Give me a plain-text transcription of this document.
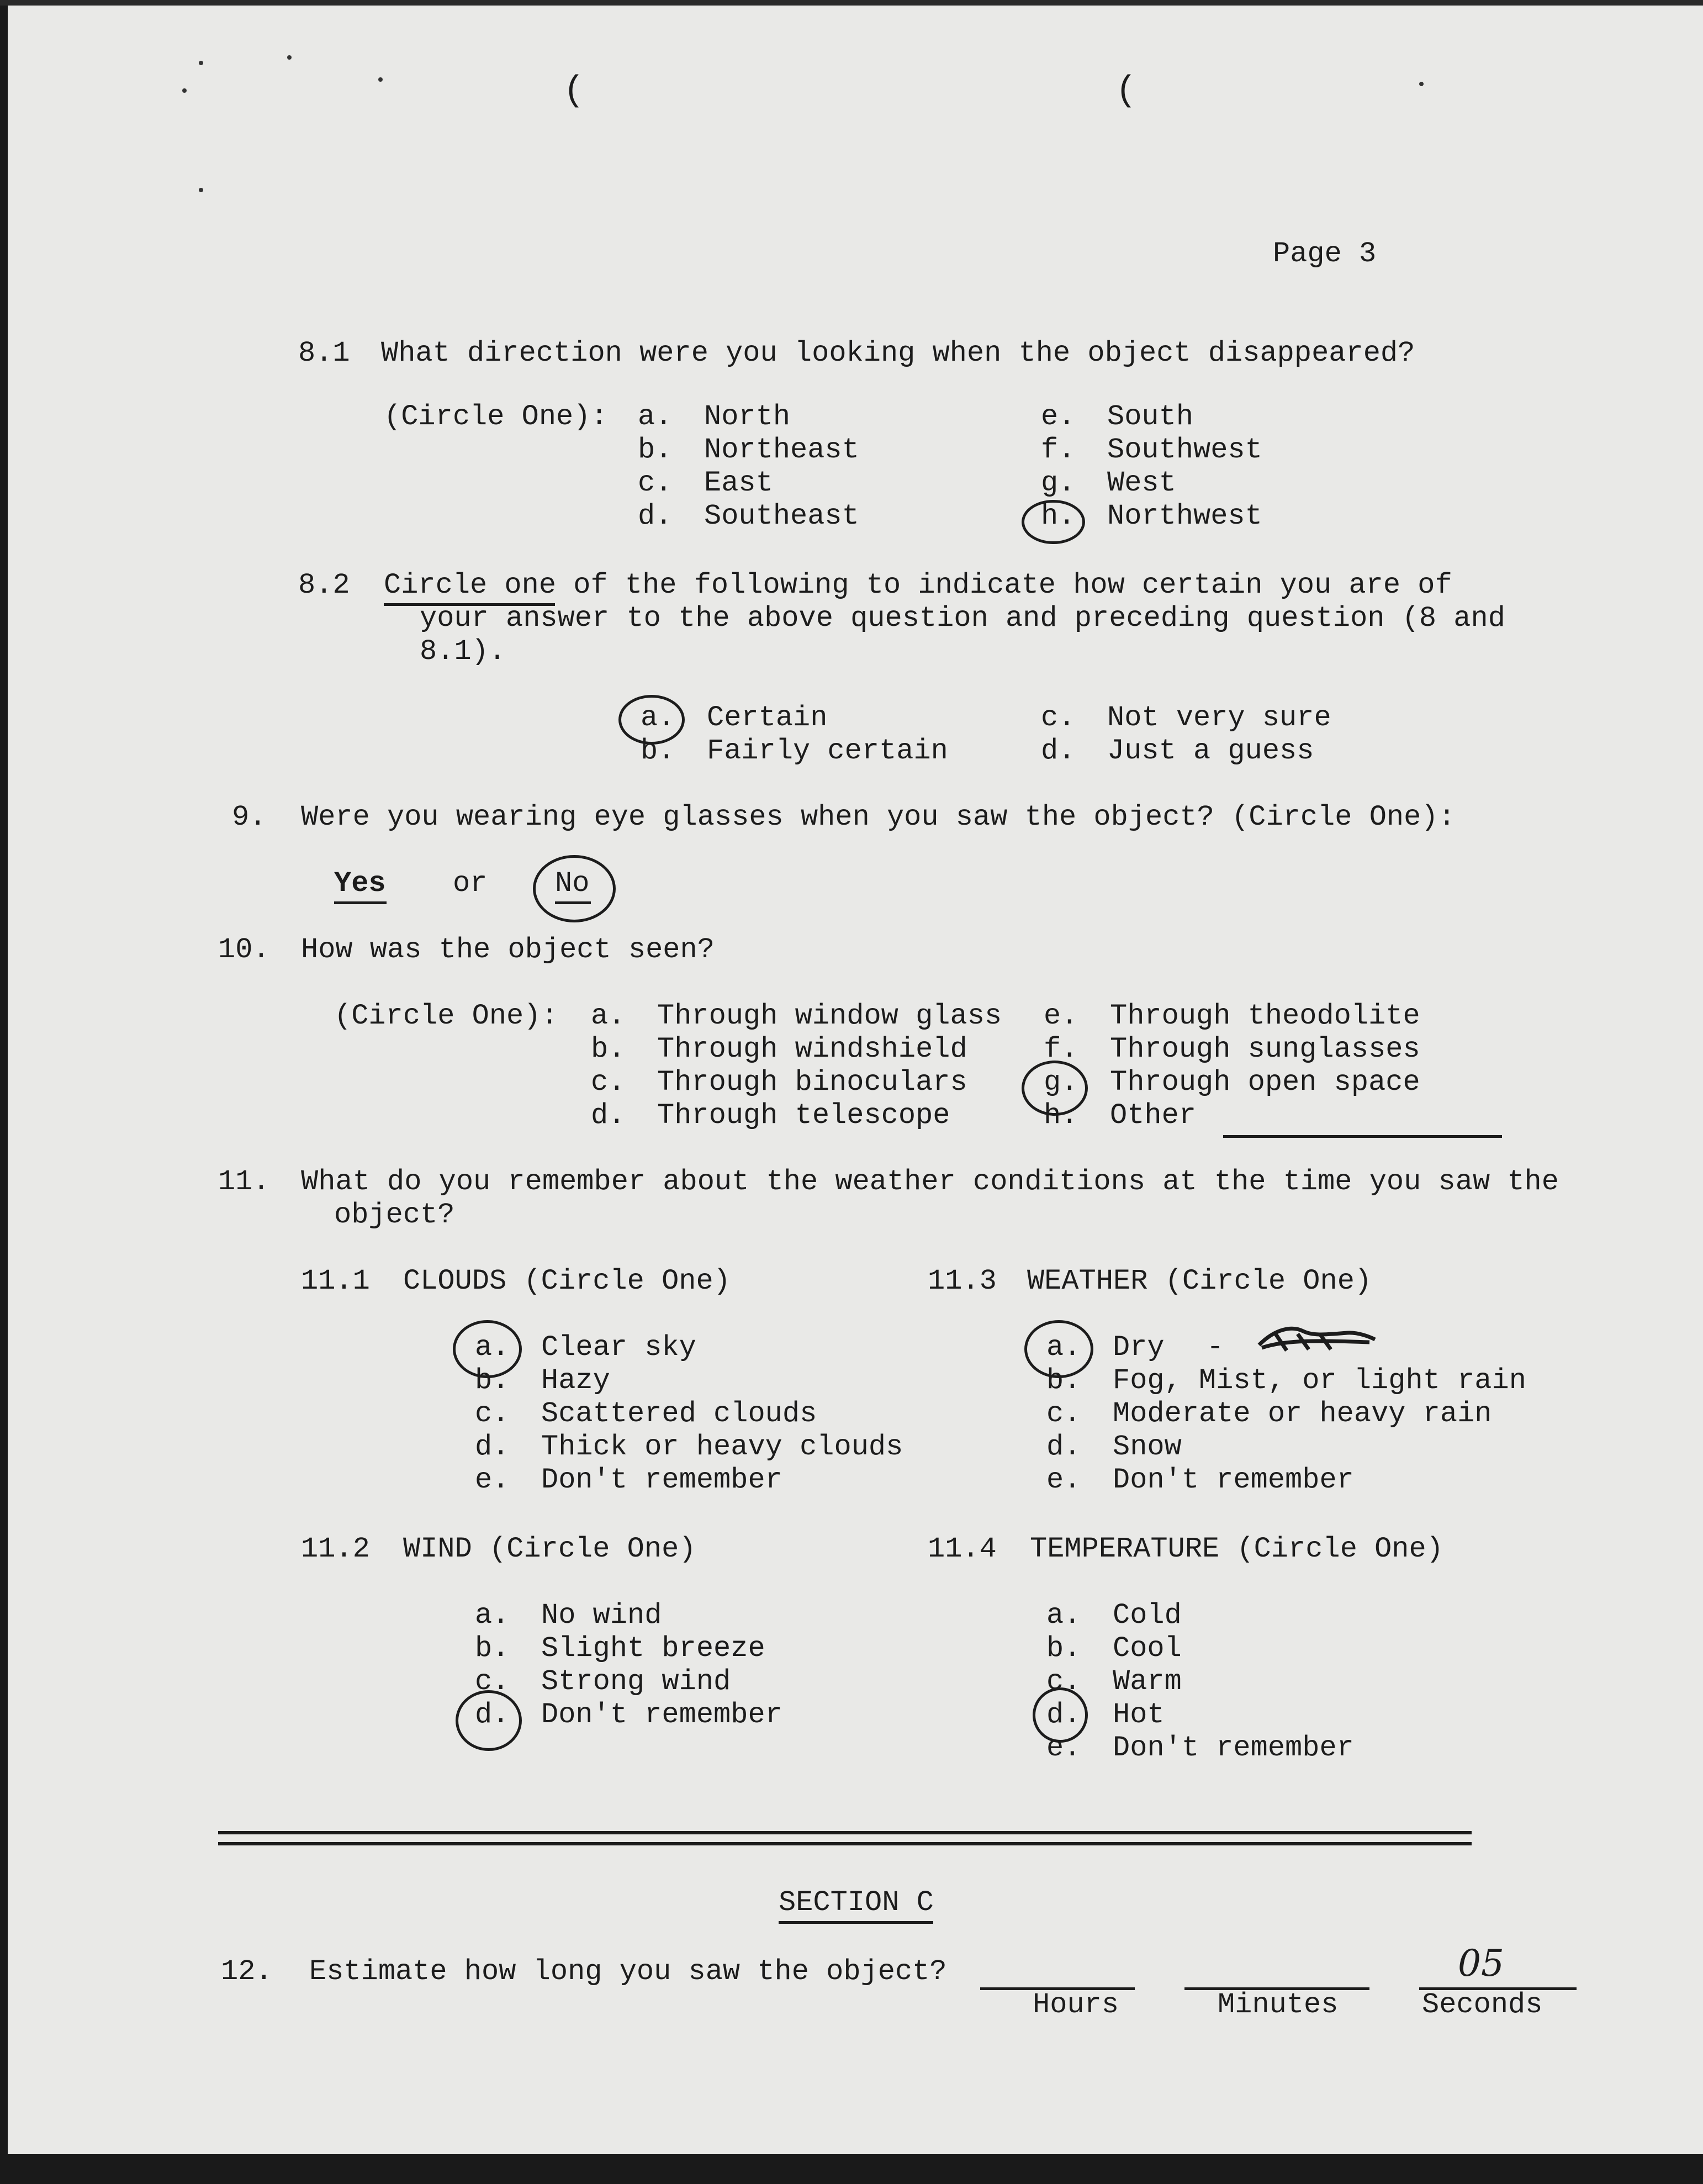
(	(
Page 3
8.1 What direction were you looking when the object disappeared?
(Circle One): a. North
b. Northeast
c. East
d. Southeast
e. South
f. Southwest
g. West
h. Northwest
8.2 Circle one of the following to indicate how certain you are of
your answer to the above question and preceding question (8 and
8.1).
a. Certain
b. Fairly certain
c. Not very sure
d. Just a guess
9. Were you wearing eye glasses when you saw the object? (Circle One):
Yes or No
10. How was the object seen?
(Circle One): a. Through window glass
b. Through windshield
c. Through binoculars
d. Through telescope
e. Through theodolite
f. Through sunglasses
g. Through open space
h. Other
11. What do you remember about the weather conditions at the time you saw the
object?
11.1 CLOUDS (Circle One)
a. Clear sky
b. Hazy
c. Scattered clouds
d. Thick or heavy clouds
e. Don't remember
11.3 WEATHER (Circle One)
a. Dry -
b. Fog, Mist, or light rain
c. Moderate or heavy rain
d. Snow
e. Don't remember
11.2 WIND (Circle One)
a. No wind
b. Slight breeze
c. Strong wind
d. Don't remember
11.4 TEMPERATURE (Circle One)
a. Cold
b. Cool
c. Warm
d. Hot
e. Don't remember
SECTION C
12. Estimate how long you saw the object?
Hours	Minutes
05
Seconds
